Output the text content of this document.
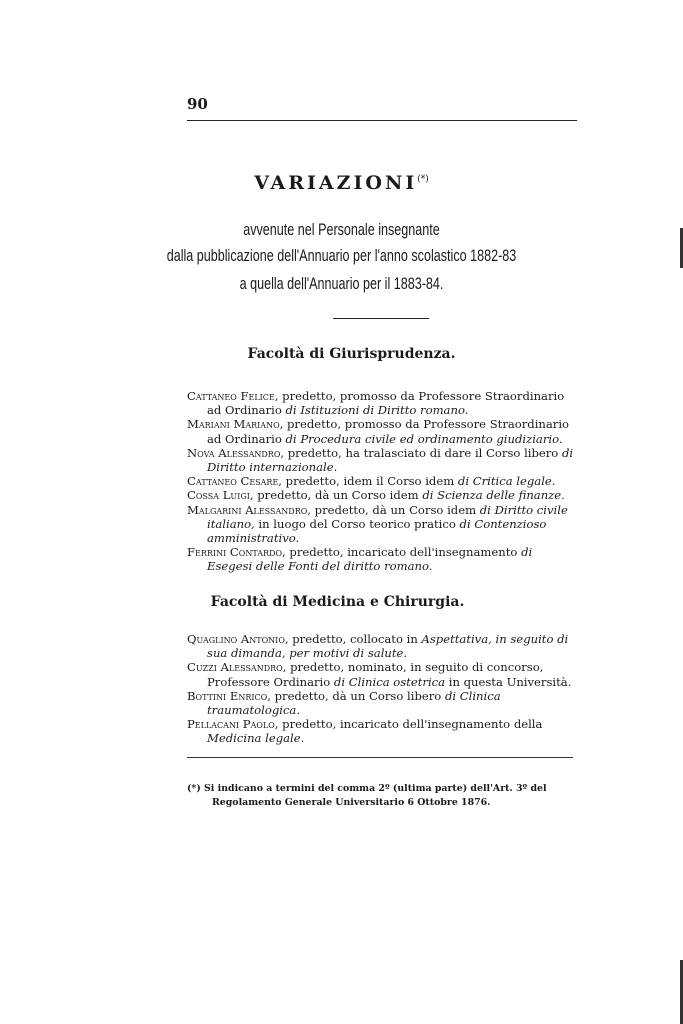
90
VARIAZIONI(*)
avvenute nel Personale insegnante
dalla pubblicazione dell'Annuario per l'anno scolastico 1882-83
a quella dell'Annuario per il 1883-84.
Facoltà di Giurisprudenza.

Cattaneo Felice, predetto, promosso da Professore Straordinario ad Ordinario di Istituzioni di Diritto romano.

Mariani Mariano, predetto, promosso da Professore Straordinario ad Ordinario di Procedura civile ed ordinamento giudiziario.

Nova Alessandro, predetto, ha tralasciato di dare il Corso libero di Diritto internazionale.

Cattaneo Cesare, predetto, idem il Corso idem di Critica legale.

Cossa Luigi, predetto, dà un Corso idem di Scienza delle finanze.

Malgarini Alessandro, predetto, dà un Corso idem di Diritto civile italiano, in luogo del Corso teorico pratico di Contenzioso amministrativo.

Ferrini Contardo, predetto, incaricato dell'insegnamento di Esegesi delle Fonti del diritto romano.

Facoltà di Medicina e Chirurgia.

Quaglino Antonio, predetto, collocato in Aspettativa, in seguito di sua dimanda, per motivi di salute.

Cuzzi Alessandro, predetto, nominato, in seguito di concorso, Professore Ordinario di Clinica ostetrica in questa Università.

Bottini Enrico, predetto, dà un Corso libero di Clinica traumatologica.

Pellacani Paolo, predetto, incaricato dell'insegnamento della Medicina legale.

(*) Si indicano a termini del comma 2º (ultima parte) dell'Art. 3º del Regolamento Generale Universitario 6 Ottobre 1876.
